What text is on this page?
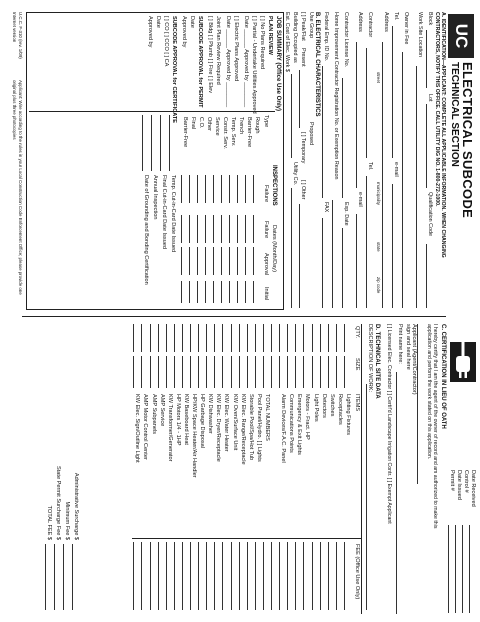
UC
ELECTRICAL SUBCODE
TECHNICAL SECTION
Date Received
Control #
Date Issued
Permit #
A. IDENTIFICATION—APPLICANT: COMPLETE ALL APPLICABLE INFORMATION. WHEN CHANGING
CONTRACTORS, NOTIFY THIS OFFICE. CALL UTILITY DIG NO. 1-800-272-1000.
Block
Lot
Qualification Code
Work Site Location
Owner in Fee
Tel.
e-mail
Address
street
municipality
state
zip code
Contractor
Tel.
Address
e-mail
Contractor License No.
Exp. Date
Home Improvement Contractor Registration No. or Exemption Reason
Federal Emp. ID No.
FAX
B. ELECTRICAL CHARACTERISTICS
Use Group
Proposed
[ ] Peak/Flat
Present
[ ] Temporary
[ ] Other
Building Occupied as
Utility Co.
Est. Cost of Elec. Work $
JOB SUMMARY (Office Use Only)
PLAN REVIEW
[ ] No Plans Required
[ ] Partial - Undertake Utilities Approved
Date ______ Approved by ________
[ ] Electric Plans Approved
Date ______ Approved by ________
Joint Plan Review Required
[ ] Bldg [ ] Plumb [ ] Fire [ ] Elev
SUBCODE APPROVAL for PERMIT
Date
Approved by
SUBCODE APPROVAL for CERTIFICATE
[ ] CO [ ] CCO [ ] CA
Date
Approved by
INSPECTIONS
Type
Failure
Dates (Month/Day)
Failure
Approval
Initial
Rough
Barrier-Free
Trench
Temp. Serv.
Constr. Serv.
Service
Other
C.O.
Final
Barrier-Free
Temp. Cut-in-Card Date Issued
Final Cut-in-Card Date Issued
Annual Inspection
Date of Grounding and Bonding Certification
U.C.C. F-310 (rev. 1/09)
Internet version
Applicant: Wire according to the rules in your Local Construction Code Enforcement Office; please provide one
original plus three photocopies
C. CERTIFICATION IN LIEU OF OATH
I hereby certify that I am the agent of the owner of record and am authorized to make this
application and perform the work stated on this application.
Applicant (Agent/Contractor)
sign and seal here
Print name here:
[ ] Licensed Elec. Contractor [ ] Certif'd Landscape Irrigation Contr. [ ] Exempt Applicant
D. TECHNICAL SITE DATA
DESCRIPTION OF WORK:
QTY.
SIZE
ITEMS
FEE (Office Use Only)
Lighting Fixtures
Receptacles
Switches
Detectors
Light Poles
Motors - Fract. HP
Emergency & Exit Lights
Communications Points
Alarm Devices/F.A.C. Panel
TOTAL NUMBERS
Pool Panel/Hydro. [ ] Lights
Storable Pool/Spa/Hot Tub
KW Elec. Range/Receptacle
KW Oven/Surface Unit
KW Elec. Water Heater
KW Elec. Dryer/Receptacle
KW Dishwasher
HP Garbage Disposal
HP/KW Space Heater/Air Handler
KW Baseboard Heat
HP Motors 1/4 - 1HP
KW Transformer/Generator
AMP Service
AMP Subpanels
AMP Motor Control Center
KW Elec. Sign/Outline Light
Administrative Surcharge $
Minimum Fee $
State Permit Surcharge Fee $
TOTAL FEE $
